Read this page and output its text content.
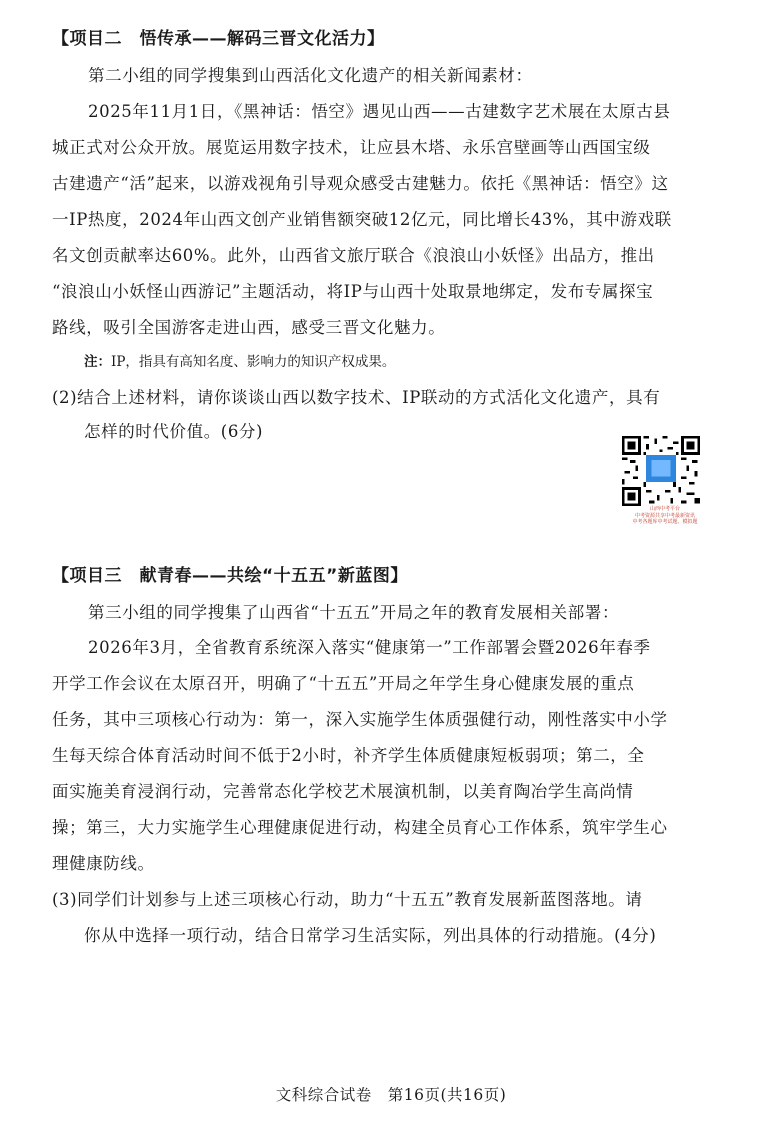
【项目二　悟传承——解码三晋文化活力】
第二小组的同学搜集到山西活化文化遗产的相关新闻素材：
2025年11月1日，《黑神话：悟空》遇见山西——古建数字艺术展在太原古县
城正式对公众开放。展览运用数字技术，让应县木塔、永乐宫壁画等山西国宝级
古建遗产“活”起来，以游戏视角引导观众感受古建魅力。依托《黑神话：悟空》这
一IP热度，2024年山西文创产业销售额突破12亿元，同比增长43%，其中游戏联
名文创贡献率达60%。此外，山西省文旅厅联合《浪浪山小妖怪》出品方，推出
“浪浪山小妖怪山西游记”主题活动，将IP与山西十处取景地绑定，发布专属探宝
路线，吸引全国游客走进山西，感受三晋文化魅力。
注：IP，指具有高知名度、影响力的知识产权成果。
(2)结合上述材料，请你谈谈山西以数字技术、IP联动的方式活化文化遗产，具有
怎样的时代价值。(6分)
山西中考平台
中考资源共享中考最新资讯
中考各题库中考试题、模拟题
【项目三　献青春——共绘“十五五”新蓝图】
第三小组的同学搜集了山西省“十五五”开局之年的教育发展相关部署：
2026年3月，全省教育系统深入落实“健康第一”工作部署会暨2026年春季
开学工作会议在太原召开，明确了“十五五”开局之年学生身心健康发展的重点
任务，其中三项核心行动为：第一，深入实施学生体质强健行动，刚性落实中小学
生每天综合体育活动时间不低于2小时，补齐学生体质健康短板弱项；第二，全
面实施美育浸润行动，完善常态化学校艺术展演机制，以美育陶冶学生高尚情
操；第三，大力实施学生心理健康促进行动，构建全员育心工作体系，筑牢学生心
理健康防线。
(3)同学们计划参与上述三项核心行动，助力“十五五”教育发展新蓝图落地。请
你从中选择一项行动，结合日常学习生活实际，列出具体的行动措施。(4分)
文科综合试卷　第16页(共16页)
